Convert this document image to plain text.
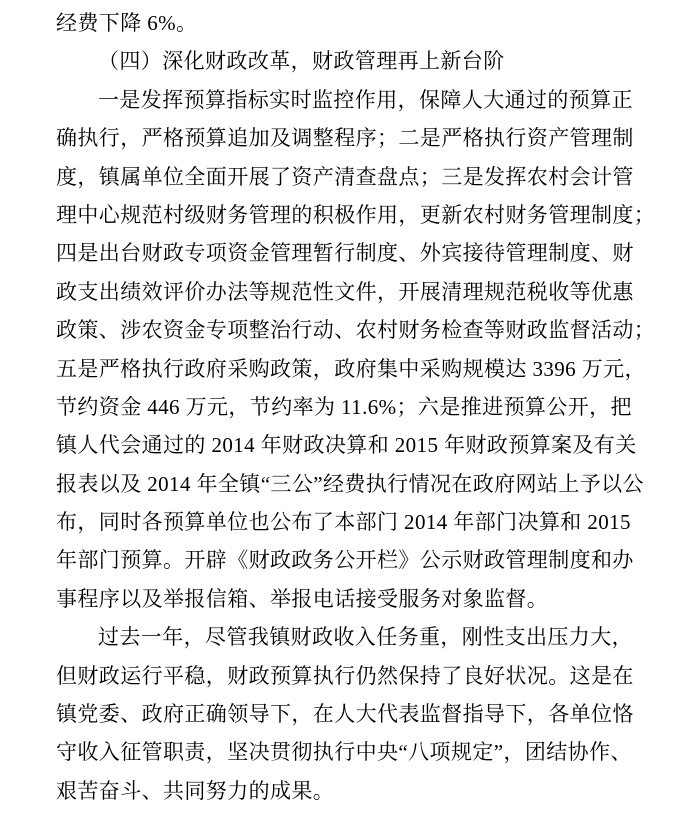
经费下降 6%。
（四）深化财政改革，财政管理再上新台阶
一是发挥预算指标实时监控作用，保障人大通过的预算正
确执行，严格预算追加及调整程序；二是严格执行资产管理制
度，镇属单位全面开展了资产清查盘点；三是发挥农村会计管
理中心规范村级财务管理的积极作用，更新农村财务管理制度；
四是出台财政专项资金管理暂行制度、外宾接待管理制度、财
政支出绩效评价办法等规范性文件，开展清理规范税收等优惠
政策、涉农资金专项整治行动、农村财务检查等财政监督活动；
五是严格执行政府采购政策，政府集中采购规模达 3396 万元，
节约资金 446 万元，节约率为 11.6%；六是推进预算公开，把
镇人代会通过的 2014 年财政决算和 2015 年财政预算案及有关
报表以及 2014 年全镇“三公”经费执行情况在政府网站上予以公
布，同时各预算单位也公布了本部门 2014 年部门决算和 2015
年部门预算。开辟《财政政务公开栏》公示财政管理制度和办
事程序以及举报信箱、举报电话接受服务对象监督。
过去一年，尽管我镇财政收入任务重，刚性支出压力大，
但财政运行平稳，财政预算执行仍然保持了良好状况。这是在
镇党委、政府正确领导下，在人大代表监督指导下，各单位恪
守收入征管职责，坚决贯彻执行中央“八项规定”，团结协作、
艰苦奋斗、共同努力的成果。
